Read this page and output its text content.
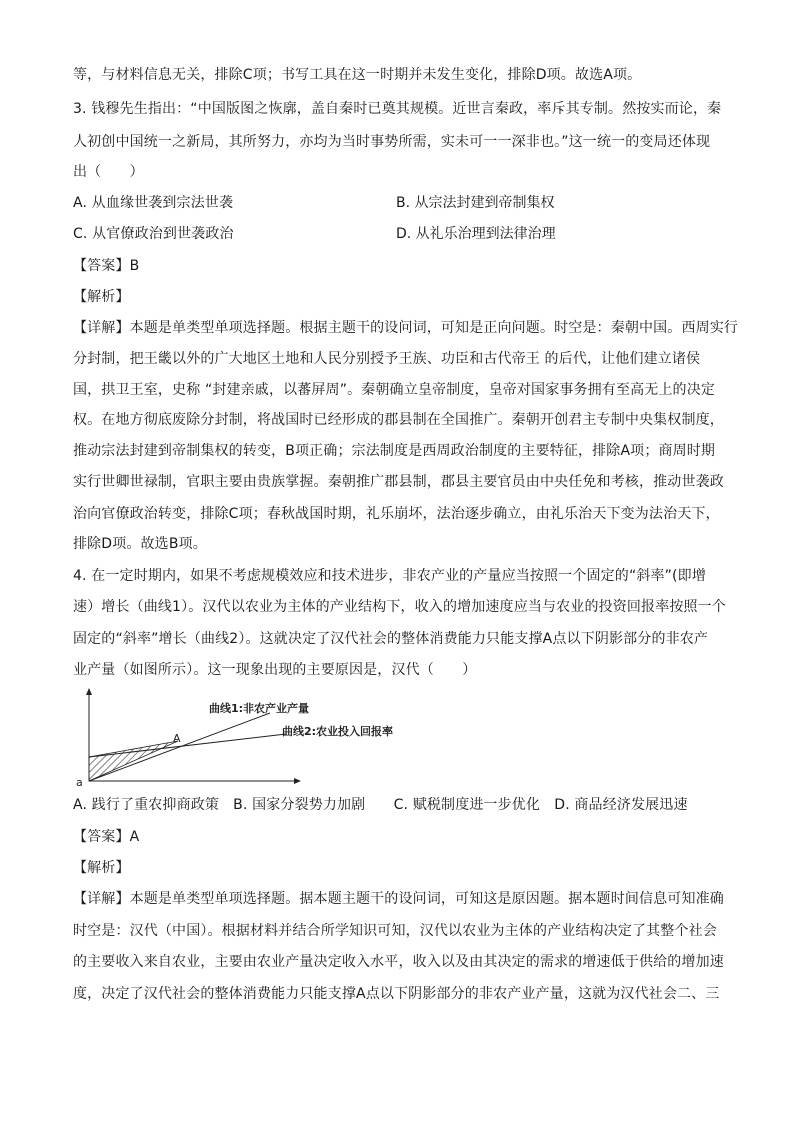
等，与材料信息无关，排除C项；书写工具在这一时期并未发生变化，排除D项。故选A项。
3. 钱穆先生指出：“中国版图之恢廓，盖自秦时已奠其规模。近世言秦政，率斥其专制。然按实而论，秦
人初创中国统一之新局，其所努力，亦均为当时事势所需，实未可一一深非也。”这一统一的变局还体现
出（　　）
A. 从血缘世袭到宗法世袭	B. 从宗法封建到帝制集权
C. 从官僚政治到世袭政治	D. 从礼乐治理到法律治理
【答案】B
【解析】
【详解】本题是单类型单项选择题。根据主题干的设问词，可知是正向问题。时空是：秦朝中国。西周实行
分封制，把王畿以外的广大地区土地和人民分别授予王族、功臣和古代帝王 的后代，让他们建立诸侯
国，拱卫王室，史称 “封建亲戚，以蕃屏周”。秦朝确立皇帝制度，皇帝对国家事务拥有至高无上的决定
权。在地方彻底废除分封制，将战国时已经形成的郡县制在全国推广。秦朝开创君主专制中央集权制度，
推动宗法封建到帝制集权的转变，B项正确；宗法制度是西周政治制度的主要特征，排除A项；商周时期
实行世卿世禄制，官职主要由贵族掌握。秦朝推广郡县制，郡县主要官员由中央任免和考核，推动世袭政
治向官僚政治转变，排除C项；春秋战国时期，礼乐崩坏，法治逐步确立，由礼乐治天下变为法治天下，
排除D项。故选B项。
4. 在一定时期内，如果不考虑规模效应和技术进步，非农产业的产量应当按照一个固定的“斜率”(即增
速）增长（曲线1）。汉代以农业为主体的产业结构下，收入的增加速度应当与农业的投资回报率按照一个
固定的“斜率”增长（曲线2）。这就决定了汉代社会的整体消费能力只能支撑A点以下阴影部分的非农产
业产量（如图所示）。这一现象出现的主要原因是，汉代（　　）
曲线1:非农产业产量
曲线2:农业投入回报率
A
a
A. 践行了重农抑商政策　B. 国家分裂势力加剧　　C. 赋税制度进一步优化　D. 商品经济发展迅速
【答案】A
【解析】
【详解】本题是单类型单项选择题。据本题主题干的设问词，可知这是原因题。据本题时间信息可知准确
时空是：汉代（中国）。根据材料并结合所学知识可知，汉代以农业为主体的产业结构决定了其整个社会
的主要收入来自农业，主要由农业产量决定收入水平，收入以及由其决定的需求的增速低于供给的增加速
度，决定了汉代社会的整体消费能力只能支撑A点以下阴影部分的非农产业产量，这就为汉代社会二、三
